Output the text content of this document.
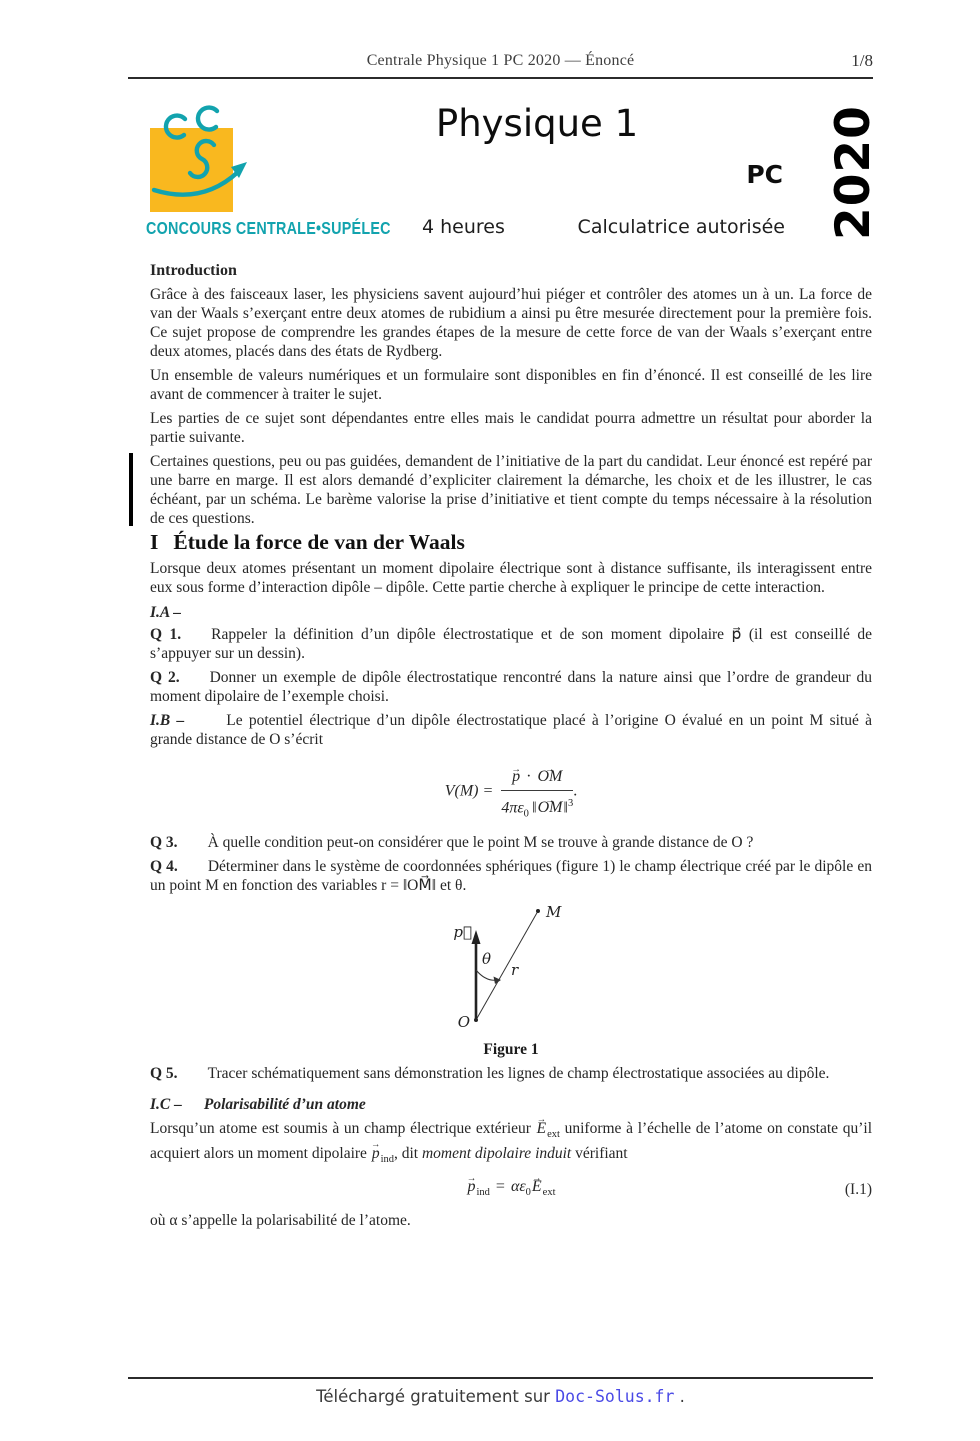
Centrale Physique 1 PC 2020 — Énoncé	1/8
CONCOURS CENTRALE•SUPÉLEC
Physique 1
PC
4 heures	Calculatrice autorisée 2020
Introduction

Grâce à des faisceaux laser, les physiciens savent aujourd’hui piéger et contrôler des atomes un à un. La force de van der Waals s’exerçant entre deux atomes de rubidium a ainsi pu être mesurée directement pour la première fois. Ce sujet propose de comprendre les grandes étapes de la mesure de cette force de van der Waals s’exerçant entre deux atomes, placés dans des états de Rydberg.

Un ensemble de valeurs numériques et un formulaire sont disponibles en fin d’énoncé. Il est conseillé de les lire avant de commencer à traiter le sujet.

Les parties de ce sujet sont dépendantes entre elles mais le candidat pourra admettre un résultat pour aborder la partie suivante.

Certaines questions, peu ou pas guidées, demandent de l’initiative de la part du candidat. Leur énoncé est repéré par une barre en marge. Il est alors demandé d’expliciter clairement la démarche, les choix et de les illustrer, le cas échéant, par un schéma. Le barème valorise la prise d’initiative et tient compte du temps nécessaire à la résolution de ces questions.

I Étude la force de van der Waals

Lorsque deux atomes présentant un moment dipolaire électrique sont à distance suffisante, ils interagissent entre eux sous forme d’interaction dipôle – dipôle. Cette partie cherche à expliquer le principe de cette interaction.

I.A –

Q 1. Rappeler la définition d’un dipôle électrostatique et de son moment dipolaire p⃗ (il est conseillé de s’appuyer sur un dessin).

Q 2. Donner un exemple de dipôle électrostatique rencontré dans la nature ainsi que l’ordre de grandeur du moment dipolaire de l’exemple choisi.

I.B –	Le potentiel électrique d’un dipôle électrostatique placé à l’origine O évalué en un point M situé à grande distance de O s’écrit

V(M) = → $\frac{p \cdot \to OM}{4\pi\varepsilon_0 ‖\to OM‖^3}$ .

Q 3. À quelle condition peut-on considérer que le point M se trouve à grande distance de O ?

Q 4. Déterminer dans le système de coordonnées sphériques (figure 1) le champ électrique créé par le dipôle en un point M en fonction des variables r = ‖OM⃗‖ et θ.

p⃗
θ
r
O
M
Figure 1

Q 5. Tracer schématiquement sans démonstration les lignes de champ électrostatique associées au dipôle.

I.C – Polarisabilité d’un atome

Lorsqu’un atome est soumis à un champ électrique extérieur → $E_{ext}$ uniforme à l’échelle de l’atome on constate qu’il acquiert alors un moment dipolaire → $p_{ind}$, dit moment dipolaire induit vérifiant

→ $p_{ind} = \alpha\varepsilon_0\to E_{ext}$	(I.1)

où α s’appelle la polarisabilité de l’atome.

Téléchargé gratuitement sur Doc-Solus.fr .
